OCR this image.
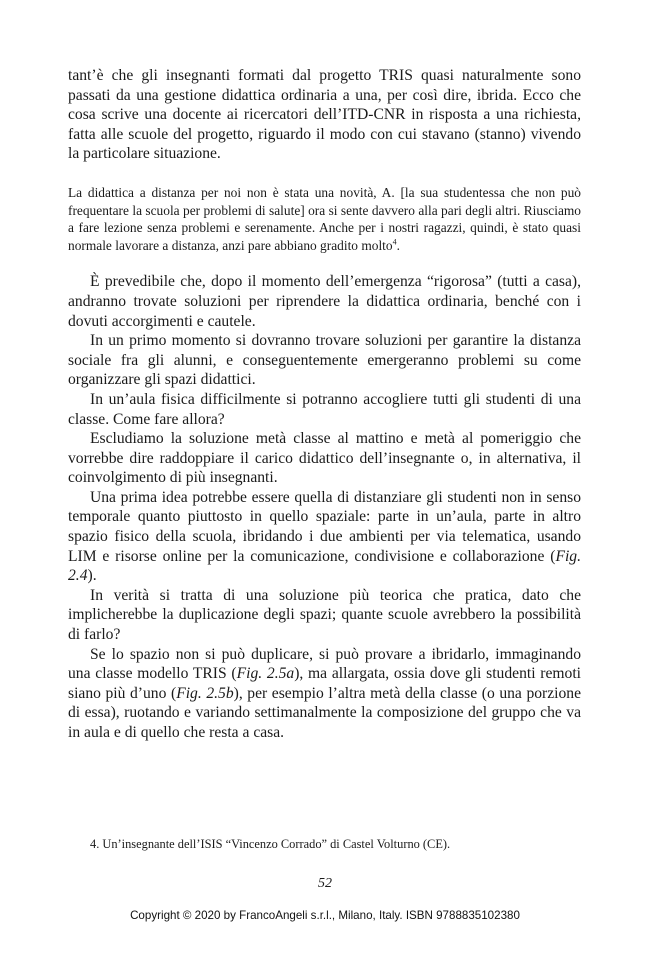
tant’è che gli insegnanti formati dal progetto TRIS quasi naturalmente sono passati da una gestione didattica ordinaria a una, per così dire, ibrida. Ecco che cosa scrive una docente ai ricercatori dell’ITD-CNR in risposta a una richiesta, fatta alle scuole del progetto, riguardo il modo con cui stavano (stanno) vivendo la particolare situazione.

La didattica a distanza per noi non è stata una novità, A. [la sua studentessa che non può frequentare la scuola per problemi di salute] ora si sente davvero alla pari degli altri. Riusciamo a fare lezione senza problemi e serenamente. Anche per i nostri ragazzi, quindi, è stato quasi normale lavorare a distanza, anzi pare abbiano gradito molto$^4$.

È prevedibile che, dopo il momento dell’emergenza “rigorosa” (tutti a casa), andranno trovate soluzioni per riprendere la didattica ordinaria, benché con i dovuti accorgimenti e cautele.

In un primo momento si dovranno trovare soluzioni per garantire la distanza sociale fra gli alunni, e conseguentemente emergeranno problemi su come organizzare gli spazi didattici.

In un’aula fisica difficilmente si potranno accogliere tutti gli studenti di una classe. Come fare allora?

Escludiamo la soluzione metà classe al mattino e metà al pomeriggio che vorrebbe dire raddoppiare il carico didattico dell’insegnante o, in alternativa, il coinvolgimento di più insegnanti.

Una prima idea potrebbe essere quella di distanziare gli studenti non in senso temporale quanto piuttosto in quello spaziale: parte in un’aula, parte in altro spazio fisico della scuola, ibridando i due ambienti per via telematica, usando LIM e risorse online per la comunicazione, condivisione e collaborazione (Fig. 2.4).

In verità si tratta di una soluzione più teorica che pratica, dato che implicherebbe la duplicazione degli spazi; quante scuole avrebbero la possibilità di farlo?

Se lo spazio non si può duplicare, si può provare a ibridarlo, immaginando una classe modello TRIS (Fig. 2.5a), ma allargata, ossia dove gli studenti remoti siano più d’uno (Fig. 2.5b), per esempio l’altra metà della classe (o una porzione di essa), ruotando e variando settimanalmente la composizione del gruppo che va in aula e di quello che resta a casa.

4. Un’insegnante dell’ISIS “Vincenzo Corrado” di Castel Volturno (CE).
52
Copyright © 2020 by FrancoAngeli s.r.l., Milano, Italy. ISBN 9788835102380
